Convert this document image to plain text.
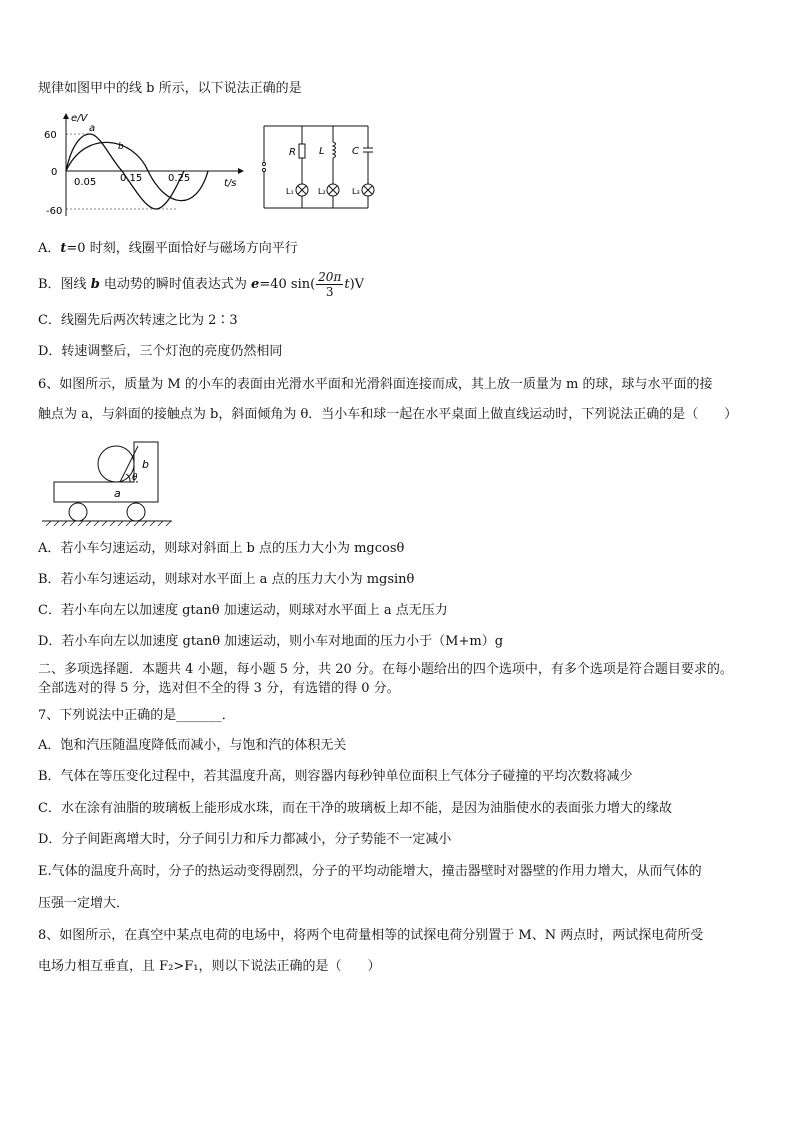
规律如图甲中的线 b 所示，以下说法正确的是
e/V
t/s
60
0
-60
0.05 0.15	0.25
a
b	R L	C
L₁	L₂	L₃
A．t=0 时刻，线圈平面恰好与磁场方向平行
B．图线 b 电动势的瞬时值表达式为 e=40 $\sin( \frac{20\pi}{3} t)V$
C．线圈先后两次转速之比为 2∶3
D．转速调整后，三个灯泡的亮度仍然相同
6、如图所示，质量为 M 的小车的表面由光滑水平面和光滑斜面连接而成，其上放一质量为 m 的球，球与水平面的接
触点为 a，与斜面的接触点为 b，斜面倾角为 θ．当小车和球一起在水平桌面上做直线运动时，下列说法正确的是（　　）
a
b
θ
A．若小车匀速运动，则球对斜面上 b 点的压力大小为 mgcosθ
B．若小车匀速运动，则球对水平面上 a 点的压力大小为 mgsinθ
C．若小车向左以加速度 gtanθ 加速运动，则球对水平面上 a 点无压力
D．若小车向左以加速度 gtanθ 加速运动，则小车对地面的压力小于（M+m）g
二、多项选择题．本题共 4 小题，每小题 5 分，共 20 分。在每小题给出的四个选项中，有多个选项是符合题目要求的。
全部选对的得 5 分，选对但不全的得 3 分，有选错的得 0 分。
7、下列说法中正确的是_______．
A．饱和汽压随温度降低而减小，与饱和汽的体积无关
B．气体在等压变化过程中，若其温度升高，则容器内每秒钟单位面积上气体分子碰撞的平均次数将减少
C．水在涂有油脂的玻璃板上能形成水珠，而在干净的玻璃板上却不能，是因为油脂使水的表面张力增大的缘故
D．分子间距离增大时，分子间引力和斥力都减小，分子势能不一定减小
E.气体的温度升高时，分子的热运动变得剧烈，分子的平均动能增大，撞击器壁时对器壁的作用力增大，从而气体的
压强一定增大．
8、如图所示，在真空中某点电荷的电场中，将两个电荷量相等的试探电荷分别置于 M、N 两点时，两试探电荷所受
电场力相互垂直，且 F₂>F₁，则以下说法正确的是（　　）
